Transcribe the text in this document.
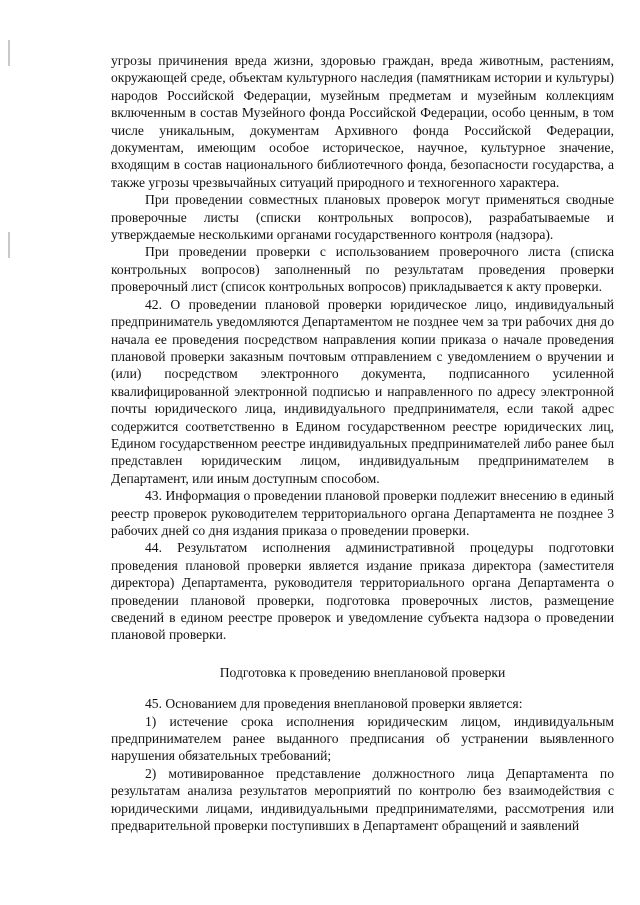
угрозы причинения вреда жизни, здоровью граждан, вреда животным, растениям, окружающей среде, объектам культурного наследия (памятникам истории и культуры) народов Российской Федерации, музейным предметам и музейным коллекциям включенным в состав Музейного фонда Российской Федерации, особо ценным, в том числе уникальным, документам Архивного фонда Российской Федерации, документам, имеющим особое историческое, научное, культурное значение, входящим в состав национального библиотечного фонда, безопасности государства, а также угрозы чрезвычайных ситуаций природного и техногенного характера.

При проведении совместных плановых проверок могут применяться сводные проверочные листы (списки контрольных вопросов), разрабатываемые и утверждаемые несколькими органами государственного контроля (надзора).

При проведении проверки с использованием проверочного листа (списка контрольных вопросов) заполненный по результатам проведения проверки проверочный лист (список контрольных вопросов) прикладывается к акту проверки.

42. О проведении плановой проверки юридическое лицо, индивидуальный предприниматель уведомляются Департаментом не позднее чем за три рабочих дня до начала ее проведения посредством направления копии приказа о начале проведения плановой проверки заказным почтовым отправлением с уведомлением о вручении и (или) посредством электронного документа, подписанного усиленной квалифицированной электронной подписью и направленного по адресу электронной почты юридического лица, индивидуального предпринимателя, если такой адрес содержится соответственно в Едином государственном реестре юридических лиц, Едином государственном реестре индивидуальных предпринимателей либо ранее был представлен юридическим лицом, индивидуальным предпринимателем в Департамент, или иным доступным способом.

43. Информация о проведении плановой проверки подлежит внесению в единый реестр проверок руководителем территориального органа Департамента не позднее 3 рабочих дней со дня издания приказа о проведении проверки.

44. Результатом исполнения административной процедуры подготовки проведения плановой проверки является издание приказа директора (заместителя директора) Департамента, руководителя территориального органа Департамента о проведении плановой проверки, подготовка проверочных листов, размещение сведений в едином реестре проверок и уведомление субъекта надзора о проведении плановой проверки.

Подготовка к проведению внеплановой проверки

45. Основанием для проведения внеплановой проверки является:

1) истечение срока исполнения юридическим лицом, индивидуальным предпринимателем ранее выданного предписания об устранении выявленного нарушения обязательных требований;

2) мотивированное представление должностного лица Департамента по результатам анализа результатов мероприятий по контролю без взаимодействия с юридическими лицами, индивидуальными предпринимателями, рассмотрения или предварительной проверки поступивших в Департамент обращений и заявлений
